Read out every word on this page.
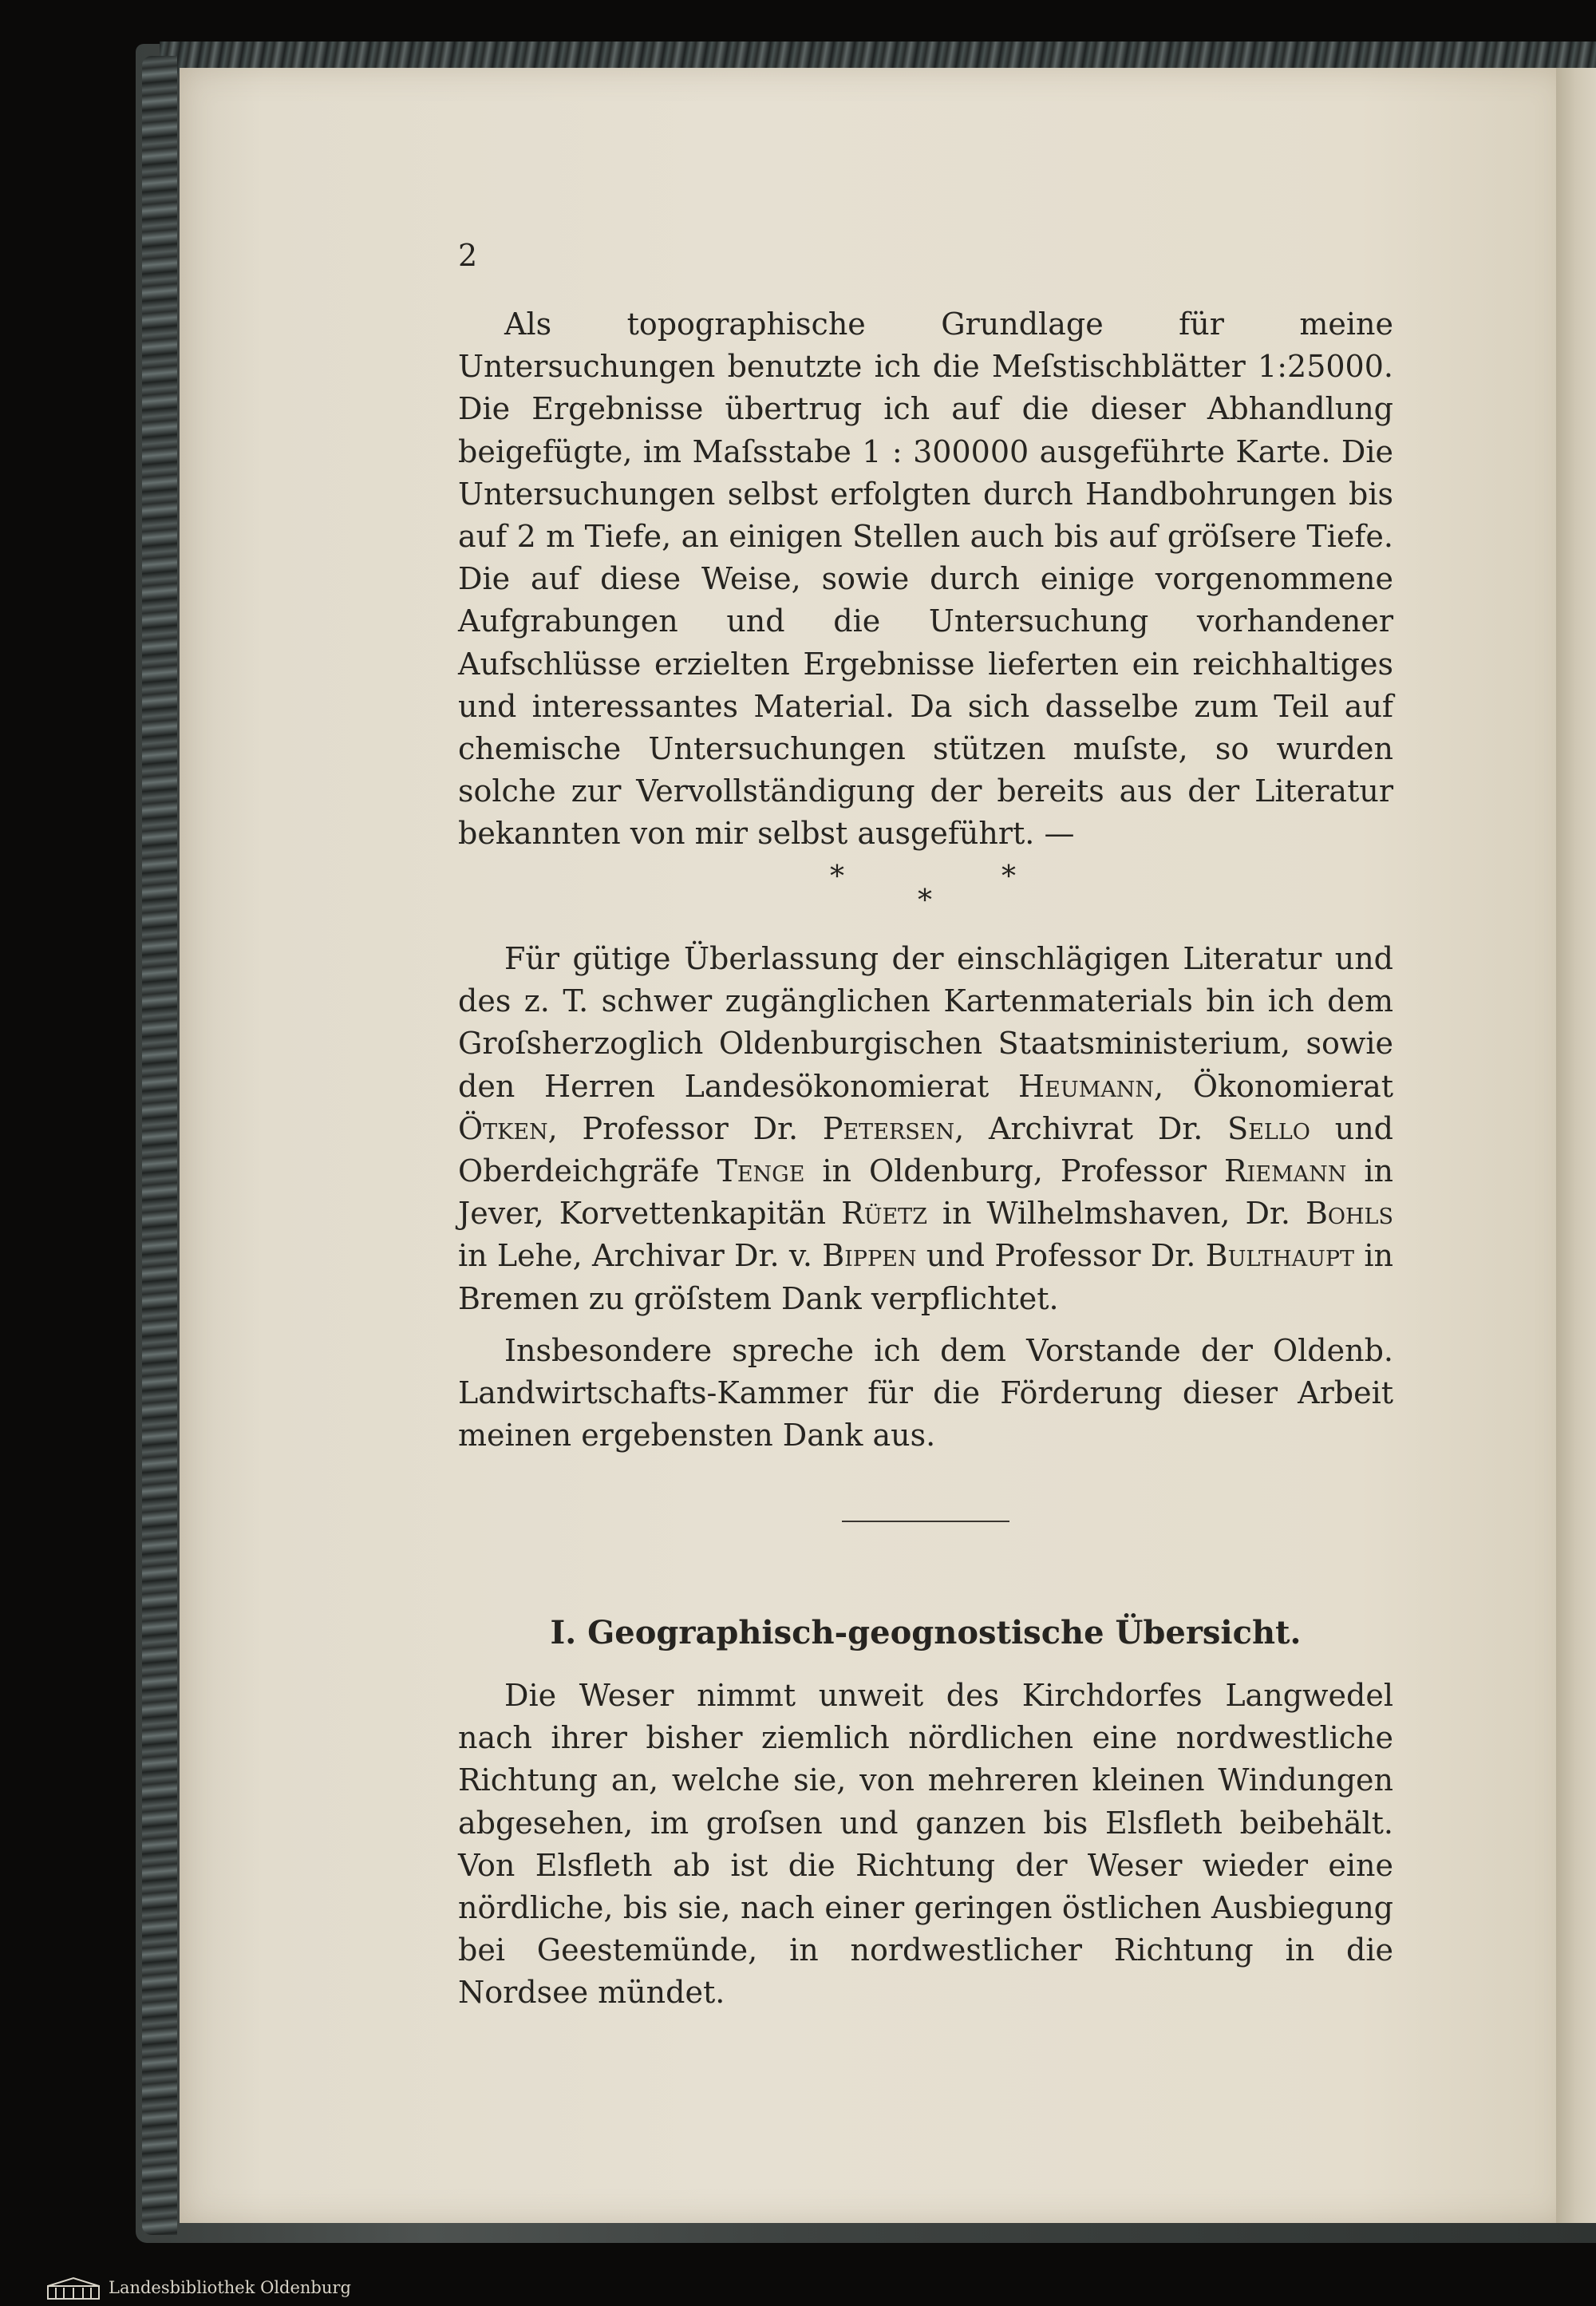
2

Als topographische Grundlage für meine Untersuchungen benutzte ich die Meſstischblätter 1:25000. Die Ergebnisse übertrug ich auf die dieser Abhandlung beigefügte, im Maſsstabe 1 : 300000 ausgeführte Karte. Die Untersuchungen selbst erfolgten durch Handbohrungen bis auf 2 m Tiefe, an einigen Stellen auch bis auf gröſsere Tiefe. Die auf diese Weise, sowie durch einige vorgenommene Aufgrabungen und die Untersuchung vorhandener Aufschlüsse erzielten Ergebnisse lieferten ein reichhaltiges und interessantes Material. Da sich dasselbe zum Teil auf chemische Untersuchungen stützen muſste, so wurden solche zur Vervollständigung der bereits aus der Literatur bekannten von mir selbst ausgeführt. —

*
*
*

Für gütige Überlassung der einschlägigen Literatur und des z. T. schwer zugänglichen Kartenmaterials bin ich dem Groſsherzoglich Oldenburgischen Staatsministerium, sowie den Herren Landesökonomierat Heumann, Ökonomierat Ötken, Professor Dr. Petersen, Archivrat Dr. Sello und Oberdeichgräfe Tenge in Oldenburg, Professor Riemann in Jever, Korvettenkapitän Rüetz in Wilhelmshaven, Dr. Bohls in Lehe, Archivar Dr. v. Bippen und Professor Dr. Bulthaupt in Bremen zu gröſstem Dank verpflichtet.

Insbesondere spreche ich dem Vorstande der Oldenb. Landwirtschafts-Kammer für die Förderung dieser Arbeit meinen ergebensten Dank aus.

I. Geographisch-geognostische Übersicht.

Die Weser nimmt unweit des Kirchdorfes Langwedel nach ihrer bisher ziemlich nördlichen eine nordwestliche Richtung an, welche sie, von mehreren kleinen Windungen abgesehen, im groſsen und ganzen bis Elsfleth beibehält. Von Elsfleth ab ist die Richtung der Weser wieder eine nördliche, bis sie, nach einer geringen östlichen Ausbiegung bei Geestemünde, in nordwestlicher Richtung in die Nordsee mündet.

Landesbibliothek Oldenburg
